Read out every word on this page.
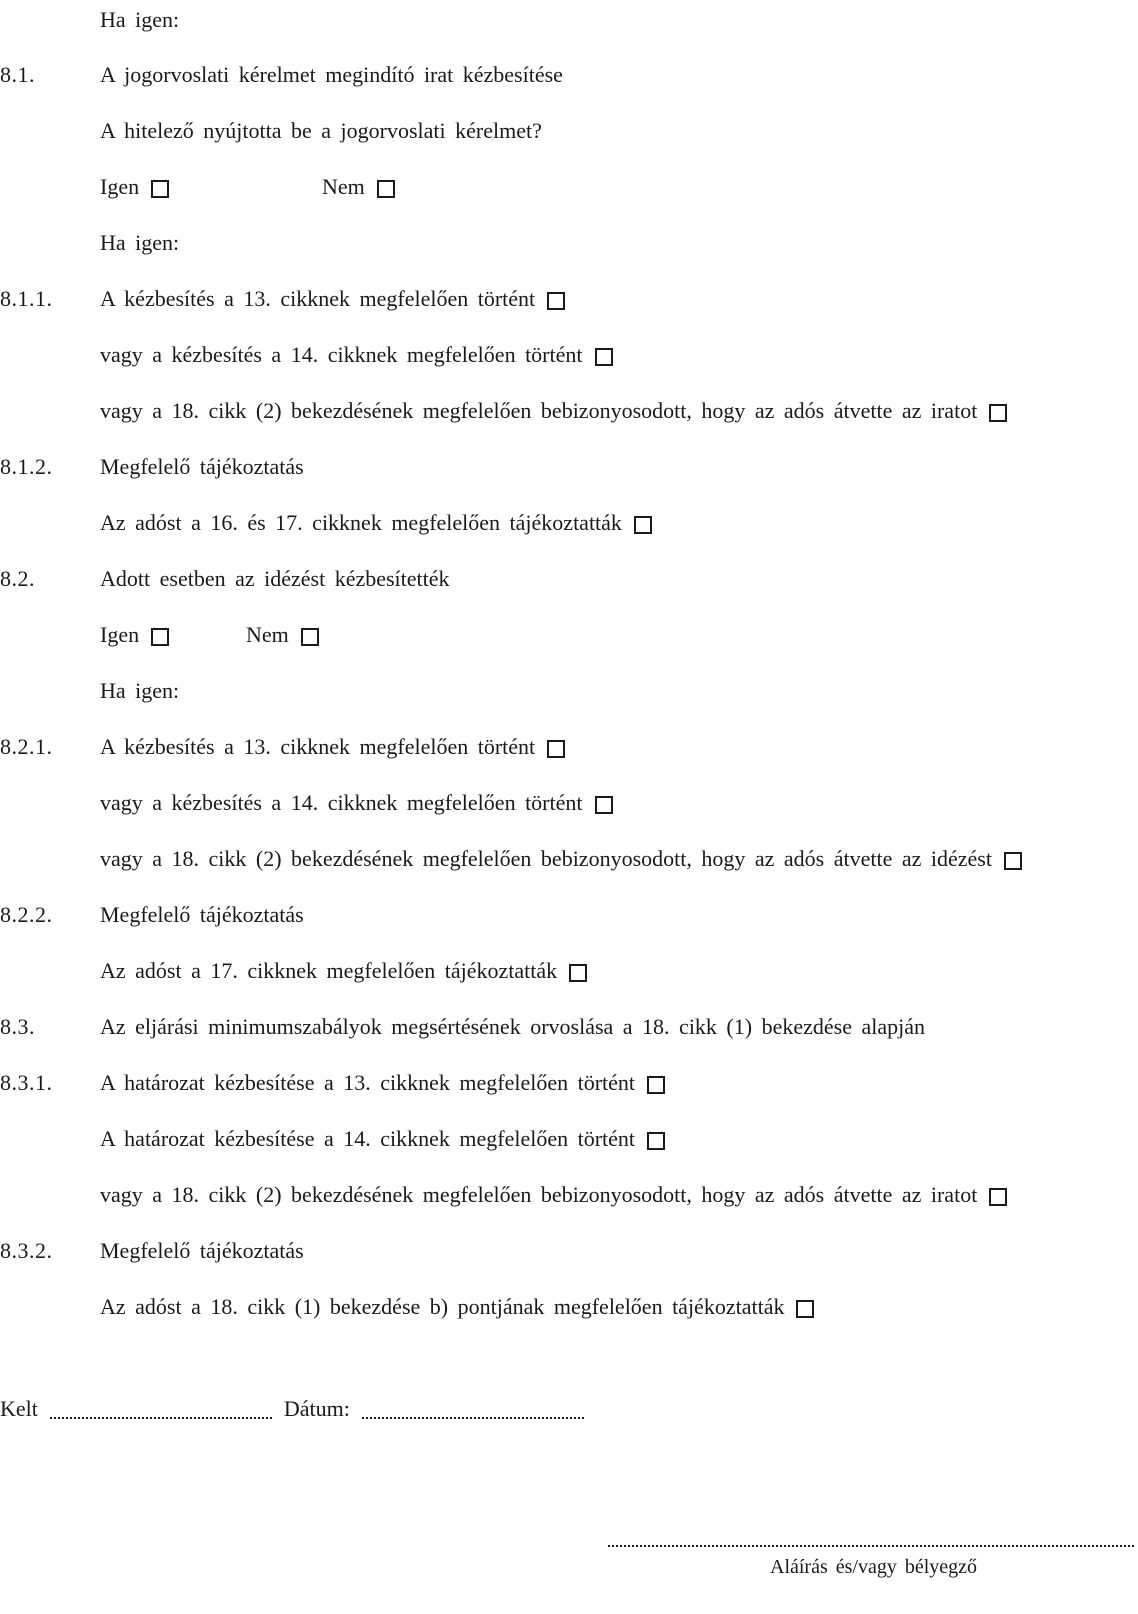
Ha igen:
8.1.	A jogorvoslati kérelmet megindító irat kézbesítése
A hitelező nyújtotta be a jogorvoslati kérelmet?
Igen	Nem
Ha igen:
8.1.1.	A kézbesítés a 13. cikknek megfelelően történt
vagy a kézbesítés a 14. cikknek megfelelően történt
vagy a 18. cikk (2) bekezdésének megfelelően bebizonyosodott, hogy az adós átvette az iratot
8.1.2.	Megfelelő tájékoztatás
Az adóst a 16. és 17. cikknek megfelelően tájékoztatták
8.2.	Adott esetben az idézést kézbesítették
Igen	Nem
Ha igen:
8.2.1.	A kézbesítés a 13. cikknek megfelelően történt
vagy a kézbesítés a 14. cikknek megfelelően történt
vagy a 18. cikk (2) bekezdésének megfelelően bebizonyosodott, hogy az adós átvette az idézést
8.2.2.	Megfelelő tájékoztatás
Az adóst a 17. cikknek megfelelően tájékoztatták
8.3.	Az eljárási minimumszabályok megsértésének orvoslása a 18. cikk (1) bekezdése alapján
8.3.1.	A határozat kézbesítése a 13. cikknek megfelelően történt
A határozat kézbesítése a 14. cikknek megfelelően történt
vagy a 18. cikk (2) bekezdésének megfelelően bebizonyosodott, hogy az adós átvette az iratot
8.3.2.	Megfelelő tájékoztatás
Az adóst a 18. cikk (1) bekezdése b) pontjának megfelelően tájékoztatták
Kelt	Dátum:
Aláírás és/vagy bélyegző
